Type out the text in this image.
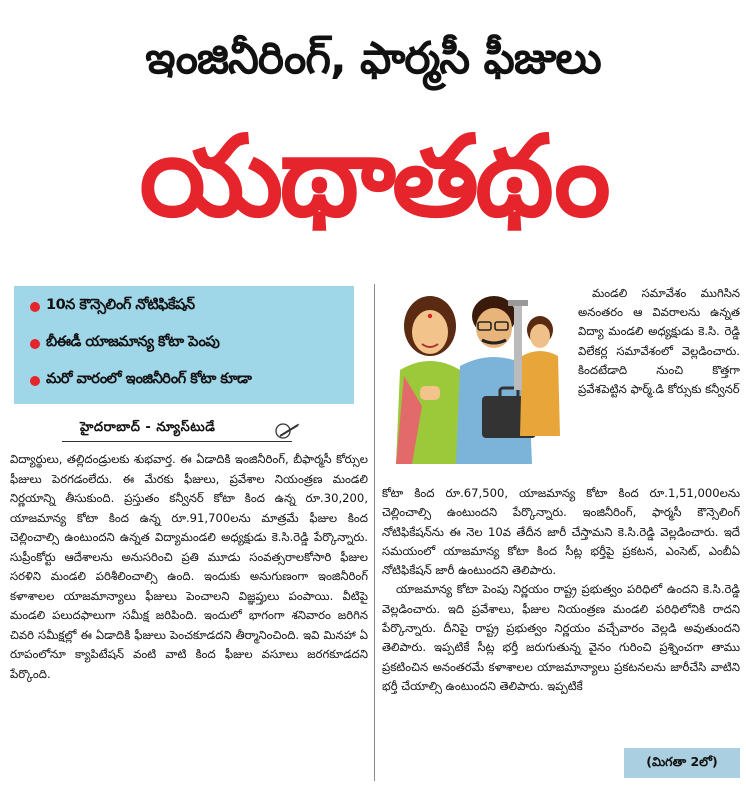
ఇంజినీరింగ్, ఫార్మసీ ఫీజులు
యథాతథం
10న కౌన్సెలింగ్ నోటిఫికేషన్
బీఈడీ యాజమాన్య కోటా పెంపు
మరో వారంలో ఇంజినీరింగ్ కోటా కూడా
హైదరాబాద్ - న్యూస్‌టుడే

విద్యార్థులు, తల్లిదండ్రులకు శుభవార్త. ఈ ఏడాదికి ఇంజినీరింగ్, బీఫార్మసీ కోర్సుల ఫీజులు పెరగడంలేదు. ఈ మేరకు ఫీజులు, ప్రవేశాల నియంత్రణ మండలి నిర్ణయాన్ని తీసుకుంది. ప్రస్తుతం కన్వీనర్ కోటా కింద ఉన్న రూ.30,200, యాజమాన్య కోటా కింద ఉన్న రూ.91,700లను మాత్రమే ఫీజుల కింద చెల్లించాల్సి ఉంటుందని ఉన్నత విద్యామండలి అధ్యక్షుడు కె.సి.రెడ్డి పేర్కొన్నారు. సుప్రీంకోర్టు ఆదేశాలను అనుసరించి ప్రతి మూడు సంవత్సరాలకోసారి ఫీజుల సరళిని మండలి పరిశీలించాల్సి ఉంది. ఇందుకు అనుగుణంగా ఇంజినీరింగ్ కళాశాలల యాజమాన్యాలు ఫీజులు పెంచాలని విజ్ఞప్తులు పంపాయి. వీటిపై మండలి పలుదఫాలుగా సమీక్ష జరిపింది. ఇందులో భాగంగా శనివారం జరిగిన చివరి సమీక్షల్లో ఈ ఏడాదికి ఫీజులు పెంచకూడదని తీర్మానించింది. ఇవి మినహా ఏ రూపంలోనూ క్యాపిటేషన్ వంటి వాటి కింద ఫీజుల వసూలు జరగకూడదని పేర్కొంది.

మండలి సమావేశం ముగిసిన అనంతరం ఆ వివరాలను ఉన్నత విద్యా మండలి అధ్యక్షుడు కె.సి. రెడ్డి విలేకర్ల సమావేశంలో వెల్లడించారు. కిందటేడాది నుంచి కొత్తగా ప్రవేశపెట్టిన ఫార్మ్.డి కోర్సుకు కన్వీనర్

కోటా కింద రూ.67,500, యాజమాన్య కోటా కింద రూ.1,51,000లను చెల్లించాల్సి ఉంటుందని పేర్కొన్నారు. ఇంజినీరింగ్, ఫార్మసీ కౌన్సెలింగ్ నోటిఫికేషన్‌ను ఈ నెల 10వ తేదీన జారీ చేస్తామని కె.సి.రెడ్డి వెల్లడించారు. ఇదే సమయంలో యాజమాన్య కోటా కింద సీట్ల భర్తీపై ప్రకటన, ఎంసెట్, ఎంబీఏ నోటిఫికేషన్ జారీ ఉంటుందని తెలిపారు.

యాజమాన్య కోటా పెంపు నిర్ణయం రాష్ట్ర ప్రభుత్వం పరిధిలో ఉందని కె.సి.రెడ్డి వెల్లడించారు. ఇది ప్రవేశాలు, ఫీజుల నియంత్రణ మండలి పరిధిలోనికి రాదని పేర్కొన్నారు. దీనిపై రాష్ట్ర ప్రభుత్వం నిర్ణయం వచ్చేవారం వెల్లడి అవుతుందని తెలిపారు. ఇప్పటికే సీట్ల భర్తీ జరుగుతున్న వైనం గురించి ప్రశ్నించగా తాము ప్రకటించిన అనంతరమే కళాశాలల యాజమాన్యాలు ప్రకటనలను జారీచేసి వాటిని భర్తీ చేయాల్సి ఉంటుందని తెలిపారు. ఇప్పటికే

(మిగతా 2లో)
